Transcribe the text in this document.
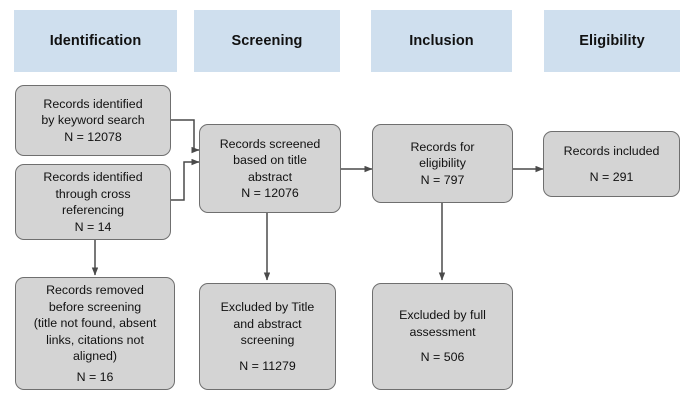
Identification	Screening	Inclusion	Eligibility
Records identified
by keyword search
N = 12078
Records identified
through cross
referencing
N = 14
Records removed
before screening
(title not found, absent
links, citations not
aligned)
N = 16
Records screened
based on title
abstract
N = 12076
Excluded by Title
and abstract
screening
N = 11279
Records for
eligibility
N = 797
Excluded by full
assessment
N = 506
Records included
N = 291
